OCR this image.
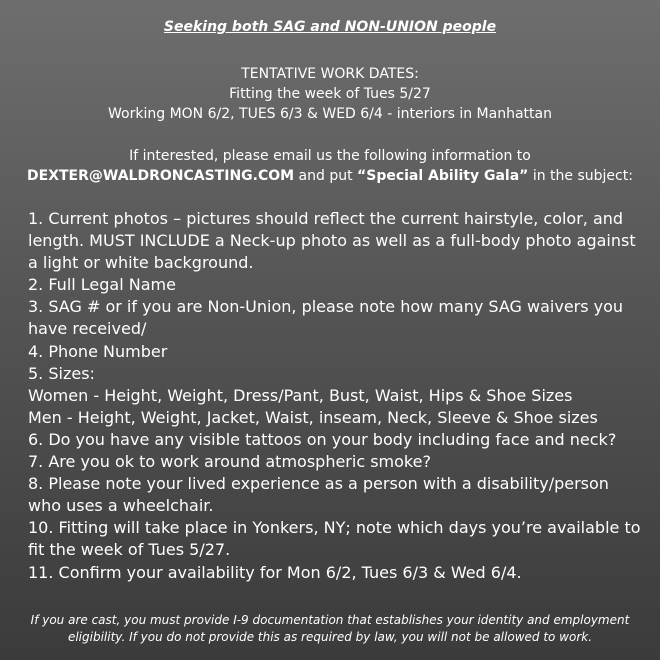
Seeking both SAG and NON-UNION people
TENTATIVE WORK DATES:
Fitting the week of Tues 5/27
Working MON 6/2, TUES 6/3 & WED 6/4 - interiors in Manhattan
If interested, please email us the following information to
DEXTER@WALDRONCASTING.COM and put “Special Ability Gala” in the subject:
1. Current photos – pictures should reflect the current hairstyle, color, and
length. MUST INCLUDE a Neck-up photo as well as a full-body photo against
a light or white background.
2. Full Legal Name
3. SAG # or if you are Non-Union, please note how many SAG waivers you
have received/
4. Phone Number
5. Sizes:
Women - Height, Weight, Dress/Pant, Bust, Waist, Hips & Shoe Sizes
Men - Height, Weight, Jacket, Waist, inseam, Neck, Sleeve & Shoe sizes
6. Do you have any visible tattoos on your body including face and neck?
7. Are you ok to work around atmospheric smoke?
8. Please note your lived experience as a person with a disability/person
who uses a wheelchair.
10. Fitting will take place in Yonkers, NY; note which days you’re available to
fit the week of Tues 5/27.
11. Confirm your availability for Mon 6/2, Tues 6/3 & Wed 6/4.
If you are cast, you must provide I-9 documentation that establishes your identity and employment
eligibility. If you do not provide this as required by law, you will not be allowed to work.
